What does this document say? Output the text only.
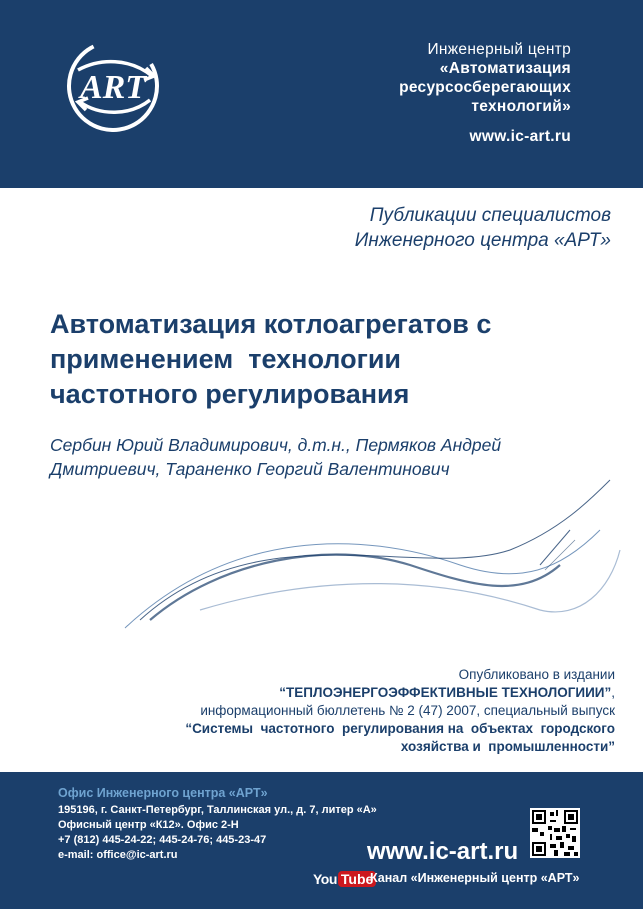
ART
Инженерный центр
«Автоматизация
ресурсосберегающих
технологий»
www.ic-art.ru
Публикации специалистов
Инженерного центра «АРТ»
Автоматизация котлоагрегатов с
применением  технологии
частотного регулирования
Сербин Юрий Владимирович, д.т.н., Пермяков Андрей
Дмитриевич, Тараненко Георгий Валентинович
Опубликовано в издании
“ТЕПЛОЭНЕРГОЭФФЕКТИВНЫЕ ТЕХНОЛОГИИИ”,
информационный бюллетень № 2 (47) 2007, специальный выпуск
“Системы  частотного  регулирования на  объектах  городского
хозяйства и  промышленности”
Офис Инженерного центра «АРТ»
195196, г. Санкт-Петербург, Таллинская ул., д. 7, литер «А»
Офисный центр «К12». Офис 2-Н
+7 (812) 445-24-22; 445-24-76; 445-23-47
e-mail: office@ic-art.ru	www.ic-art.ru
You Tube
Канал «Инженерный центр «АРТ»
